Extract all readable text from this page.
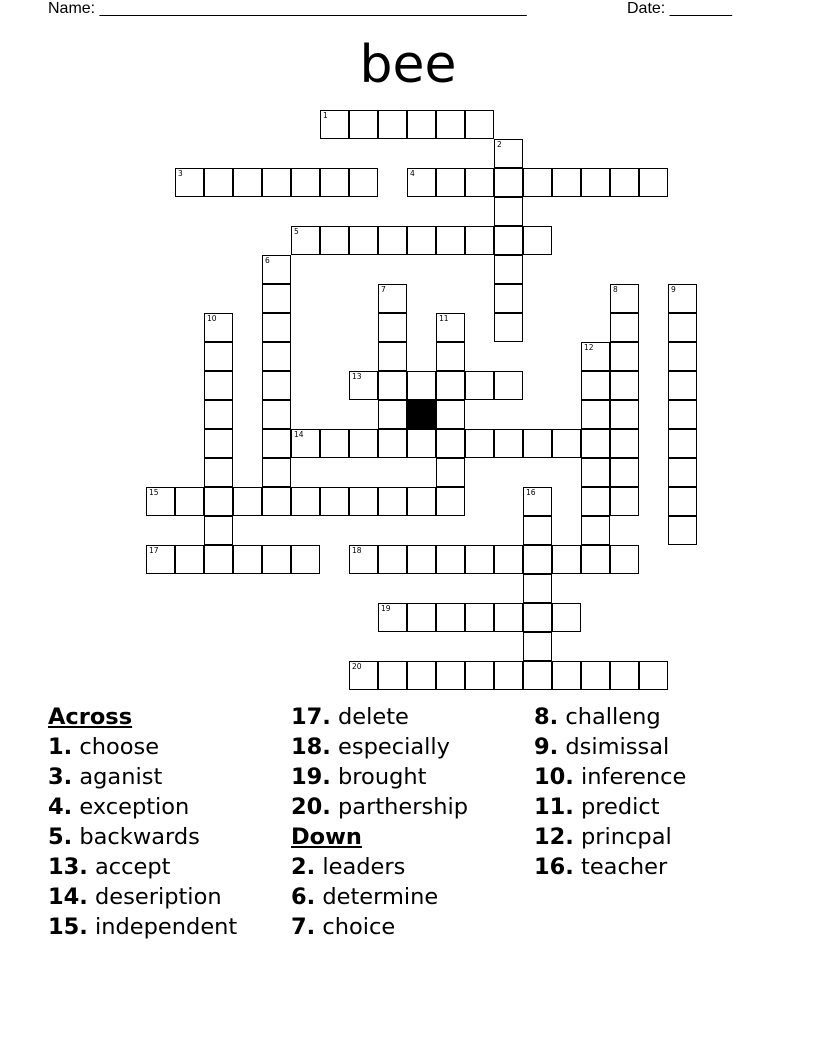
Name: ________________________________________________	Date: _______
bee
1
2
3	4
5
6
7	8	9
10	11
12
13
14
15	16
17	18
19
20
Across
1. choose
3. aganist
4. exception
5. backwards
13. accept
14. deseription
15. independent
17. delete
18. especially
19. brought
20. parthership
Down
2. leaders
6. determine
7. choice
8. challeng
9. dsimissal
10. inference
11. predict
12. princpal
16. teacher
